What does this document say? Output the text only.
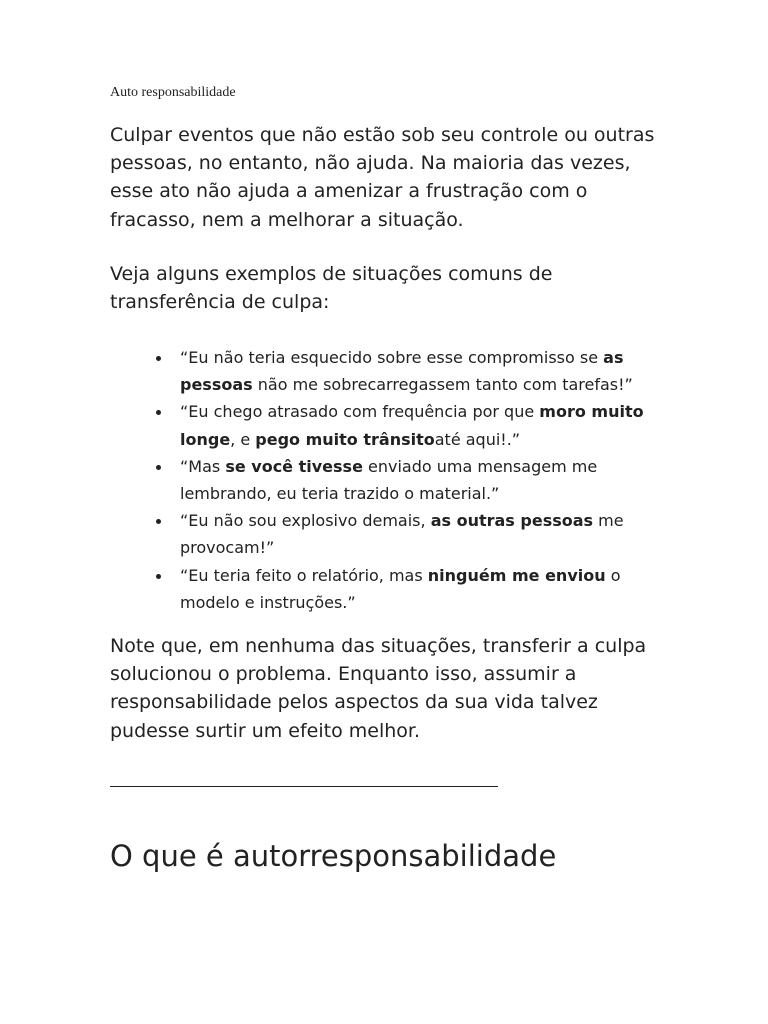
Auto responsabilidade

Culpar eventos que não estão sob seu controle ou outras pessoas, no entanto, não ajuda. Na maioria das vezes, esse ato não ajuda a amenizar a frustração com o fracasso, nem a melhorar a situação.

Veja alguns exemplos de situações comuns de transferência de culpa:

“Eu não teria esquecido sobre esse compromisso se as pessoas não me sobrecarregassem tanto com tarefas!”
“Eu chego atrasado com frequência por que moro muito longe, e pego muito trânsitoaté aqui!.”
“Mas se você tivesse enviado uma mensagem me lembrando, eu teria trazido o material.”
“Eu não sou explosivo demais, as outras pessoas me provocam!”
“Eu teria feito o relatório, mas ninguém me enviou o modelo e instruções.”

Note que, em nenhuma das situações, transferir a culpa solucionou o problema. Enquanto isso, assumir a responsabilidade pelos aspectos da sua vida talvez pudesse surtir um efeito melhor.

O que é autorresponsabilidade
